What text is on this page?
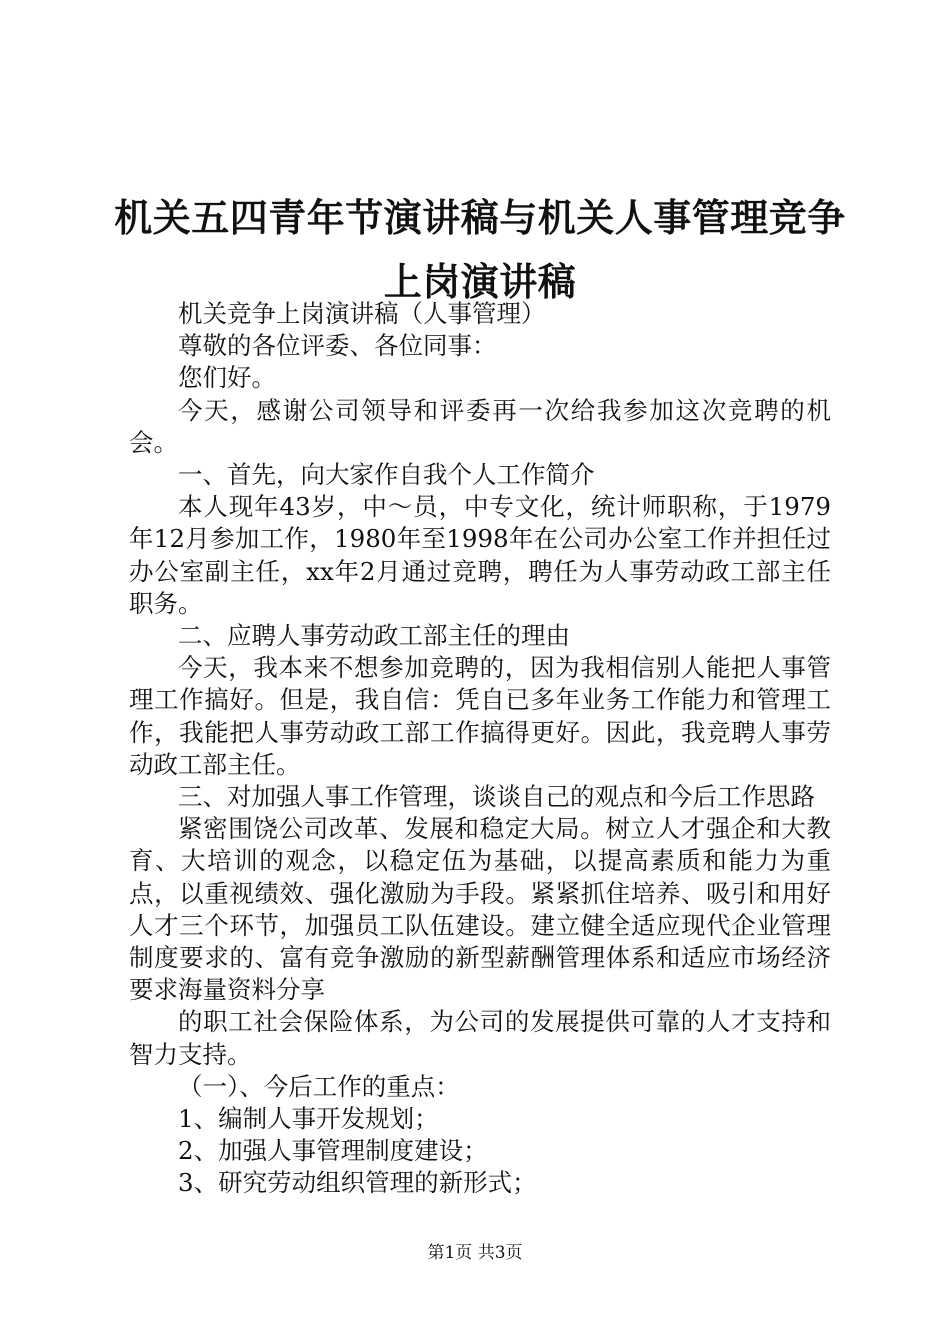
机关五四青年节演讲稿与机关人事管理竞争上岗演讲稿

机关竞争上岗演讲稿（人事管理）

尊敬的各位评委、各位同事：

您们好。

今天，感谢公司领导和评委再一次给我参加这次竞聘的机会。

一、首先，向大家作自我个人工作简介

本人现年43岁，中～员，中专文化，统计师职称，于1979年12月参加工作，1980年至1998年在公司办公室工作并担任过办公室副主任，xx年2月通过竞聘，聘任为人事劳动政工部主任职务。

二、应聘人事劳动政工部主任的理由

今天，我本来不想参加竞聘的，因为我相信别人能把人事管理工作搞好。但是，我自信：凭自已多年业务工作能力和管理工作，我能把人事劳动政工部工作搞得更好。因此，我竞聘人事劳动政工部主任。

三、对加强人事工作管理，谈谈自己的观点和今后工作思路

紧密围饶公司改革、发展和稳定大局。树立人才强企和大教育、大培训的观念，以稳定伍为基础，以提高素质和能力为重点，以重视绩效、强化激励为手段。紧紧抓住培养、吸引和用好人才三个环节，加强员工队伍建设。建立健全适应现代企业管理制度要求的、富有竞争激励的新型薪酬管理体系和适应市场经济要求海量资料分享

的职工社会保险体系，为公司的发展提供可靠的人才支持和智力支持。

（一）、今后工作的重点：

1、编制人事开发规划；

2、加强人事管理制度建设；

3、研究劳动组织管理的新形式；

第1页 共3页
